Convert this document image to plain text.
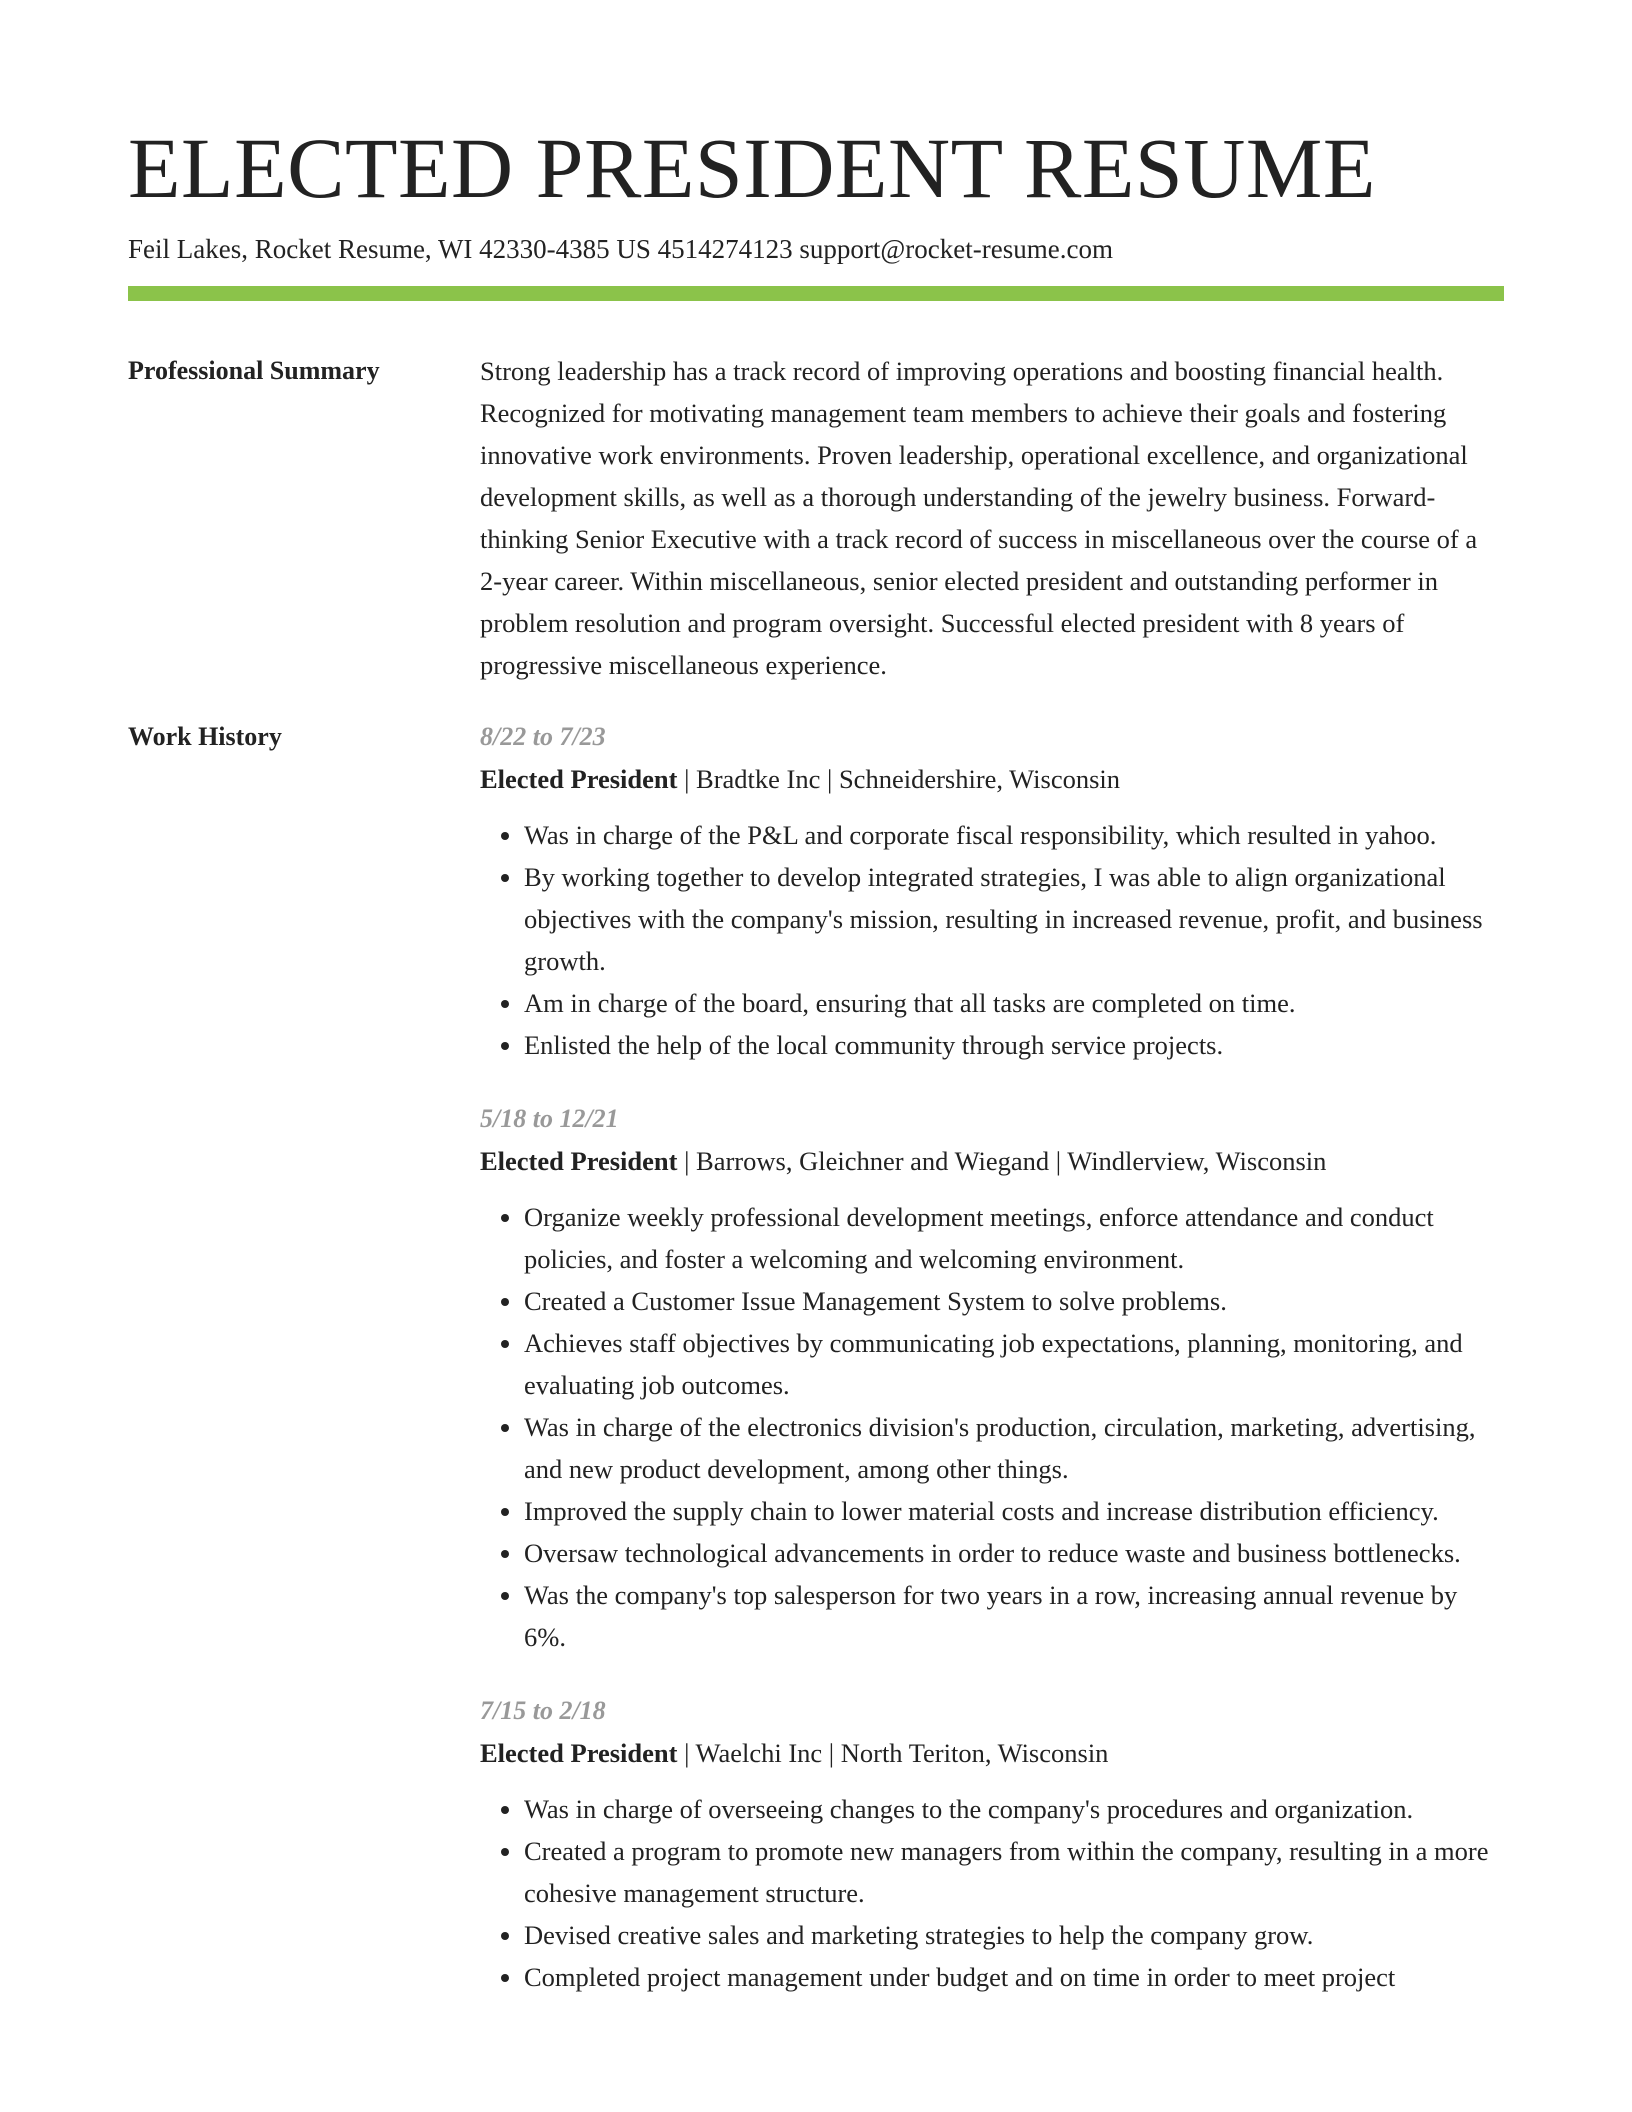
ELECTED PRESIDENT RESUME
Feil Lakes, Rocket Resume, WI 42330-4385 US 4514274123 support@rocket-resume.com
Professional Summary	Strong leadership has a track record of improving operations and boosting financial health. Recognized for motivating management team members to achieve their goals and fostering innovative work environments. Proven leadership, operational excellence, and organizational development skills, as well as a thorough understanding of the jewelry business. Forward-thinking Senior Executive with a track record of success in miscellaneous over the course of a 2-year career. Within miscellaneous, senior elected president and outstanding performer in problem resolution and program oversight. Successful elected president with 8 years of progressive miscellaneous experience.

Work History	8/22 to 7/23
Elected President | Bradtke Inc | Schneidershire, Wisconsin
• Was in charge of the P&L and corporate fiscal responsibility, which resulted in yahoo.
• By working together to develop integrated strategies, I was able to align organizational objectives with the company's mission, resulting in increased revenue, profit, and business growth.
• Am in charge of the board, ensuring that all tasks are completed on time.
• Enlisted the help of the local community through service projects.
5/18 to 12/21
Elected President | Barrows, Gleichner and Wiegand | Windlerview, Wisconsin
• Organize weekly professional development meetings, enforce attendance and conduct policies, and foster a welcoming and welcoming environment.
• Created a Customer Issue Management System to solve problems.
• Achieves staff objectives by communicating job expectations, planning, monitoring, and evaluating job outcomes.
• Was in charge of the electronics division's production, circulation, marketing, advertising, and new product development, among other things.
• Improved the supply chain to lower material costs and increase distribution efficiency.
• Oversaw technological advancements in order to reduce waste and business bottlenecks.
• Was the company's top salesperson for two years in a row, increasing annual revenue by 6%.
7/15 to 2/18
Elected President | Waelchi Inc | North Teriton, Wisconsin
• Was in charge of overseeing changes to the company's procedures and organization.
• Created a program to promote new managers from within the company, resulting in a more cohesive management structure.
• Devised creative sales and marketing strategies to help the company grow.
• Completed project management under budget and on time in order to meet project
